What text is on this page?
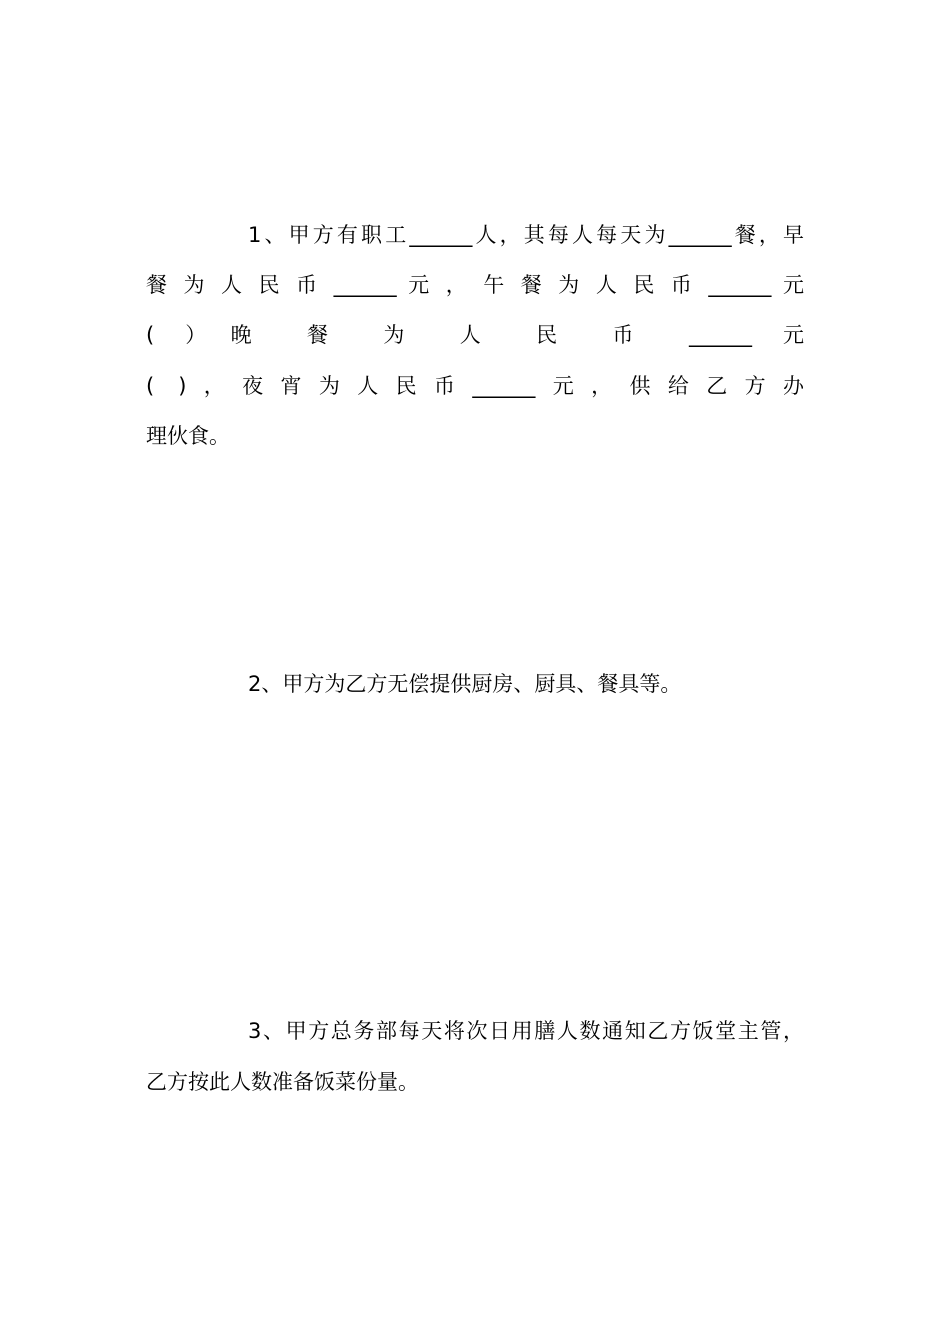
1、甲方有职工______人，其每人每天为______餐，早
餐 为 人 民 币 ______ 元 ， 午 餐 为 人 民 币 ______ 元
( ）晚 餐 为 人 民 币 ______ 元
( )，夜宵为人民币______元，供给乙方办
理伙食。
2、甲方为乙方无偿提供厨房、厨具、餐具等。
3、甲方总务部每天将次日用膳人数通知乙方饭堂主管，
乙方按此人数准备饭菜份量。
